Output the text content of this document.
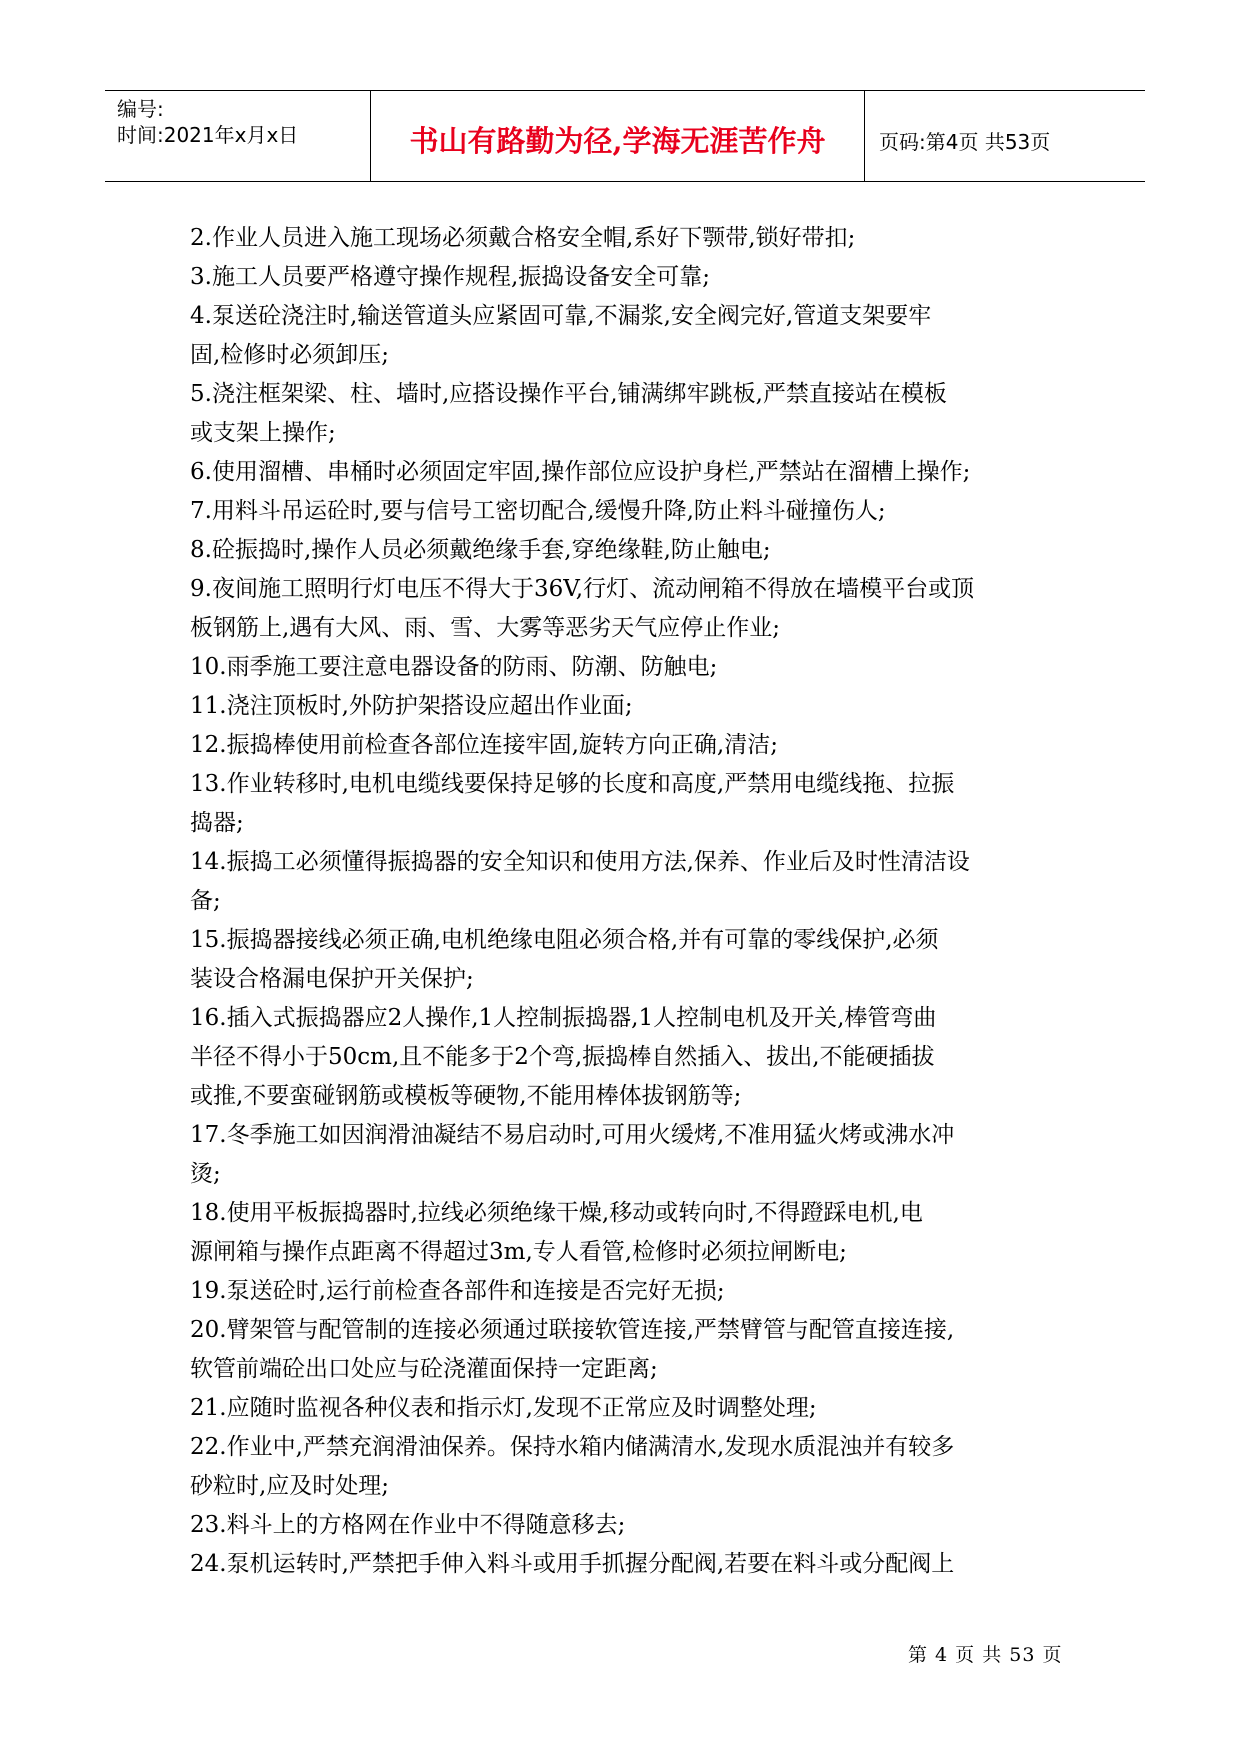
编号:
时间:2021年x月x日	书山有路勤为径,学海无涯苦作舟	页码:第4页 共53页
2.作业人员进入施工现场必须戴合格安全帽,系好下颚带,锁好带扣;
3.施工人员要严格遵守操作规程,振捣设备安全可靠;
4.泵送砼浇注时,输送管道头应紧固可靠,不漏浆,安全阀完好,管道支架要牢
固,检修时必须卸压;
5.浇注框架梁、柱、墙时,应搭设操作平台,铺满绑牢跳板,严禁直接站在模板
或支架上操作;
6.使用溜槽、串桶时必须固定牢固,操作部位应设护身栏,严禁站在溜槽上操作;
7.用料斗吊运砼时,要与信号工密切配合,缓慢升降,防止料斗碰撞伤人;
8.砼振捣时,操作人员必须戴绝缘手套,穿绝缘鞋,防止触电;
9.夜间施工照明行灯电压不得大于36V,行灯、流动闸箱不得放在墙模平台或顶
板钢筋上,遇有大风、雨、雪、大雾等恶劣天气应停止作业;
10.雨季施工要注意电器设备的防雨、防潮、防触电;
11.浇注顶板时,外防护架搭设应超出作业面;
12.振捣棒使用前检查各部位连接牢固,旋转方向正确,清洁;
13.作业转移时,电机电缆线要保持足够的长度和高度,严禁用电缆线拖、拉振
捣器;
14.振捣工必须懂得振捣器的安全知识和使用方法,保养、作业后及时性清洁设
备;
15.振捣器接线必须正确,电机绝缘电阻必须合格,并有可靠的零线保护,必须
装设合格漏电保护开关保护;
16.插入式振捣器应2人操作,1人控制振捣器,1人控制电机及开关,棒管弯曲
半径不得小于50cm,且不能多于2个弯,振捣棒自然插入、拔出,不能硬插拔
或推,不要蛮碰钢筋或模板等硬物,不能用棒体拔钢筋等;
17.冬季施工如因润滑油凝结不易启动时,可用火缓烤,不准用猛火烤或沸水冲
烫;
18.使用平板振捣器时,拉线必须绝缘干燥,移动或转向时,不得蹬踩电机,电
源闸箱与操作点距离不得超过3m,专人看管,检修时必须拉闸断电;
19.泵送砼时,运行前检查各部件和连接是否完好无损;
20.臂架管与配管制的连接必须通过联接软管连接,严禁臂管与配管直接连接,
软管前端砼出口处应与砼浇灌面保持一定距离;
21.应随时监视各种仪表和指示灯,发现不正常应及时调整处理;
22.作业中,严禁充润滑油保养。保持水箱内储满清水,发现水质混浊并有较多
砂粒时,应及时处理;
23.料斗上的方格网在作业中不得随意移去;
24.泵机运转时,严禁把手伸入料斗或用手抓握分配阀,若要在料斗或分配阀上
第 4 页 共 53 页
